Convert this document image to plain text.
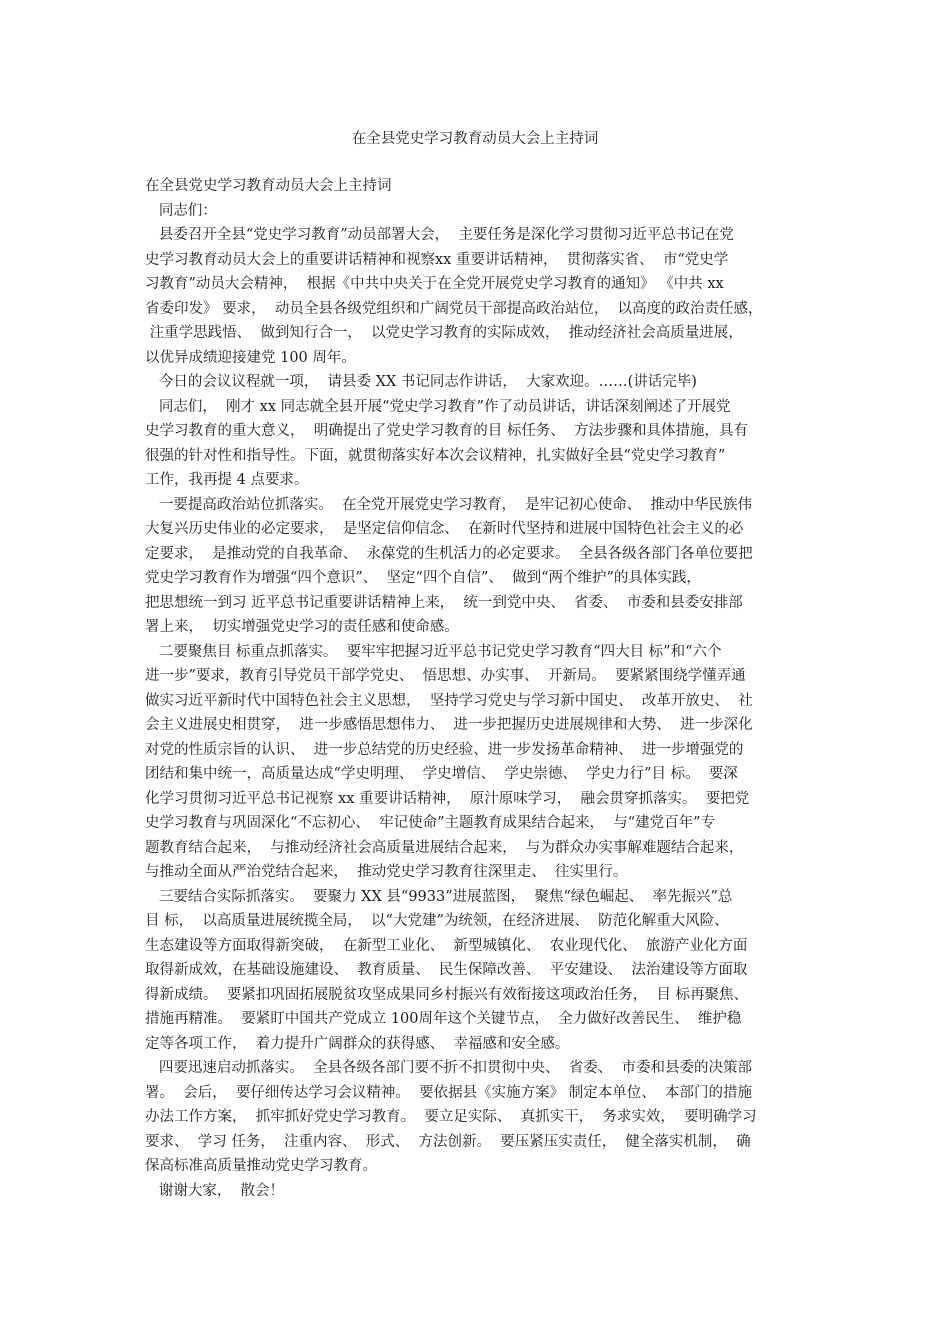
在全县党史学习教育动员大会上主持词
在全县党史学习教育动员大会上主持词
同志们：
县委召开全县“党史学习教育”动员部署大会，  主要任务是深化学习贯彻习近平总书记在党
史学习教育动员大会上的重要讲话精神和视察xx 重要讲话精神，  贯彻落实省、  市“党史学
习教育”动员大会精神，  根据《中共中央关于在全党开展党史学习教育的通知》 《中共 xx
省委印发》 要求，  动员全县各级党组织和广阔党员干部提高政治站位，  以高度的政治责任感，
注重学思践悟、  做到知行合一，  以党史学习教育的实际成效，  推动经济社会高质量进展，
以优异成绩迎接建党 100 周年。
今日的会议议程就一项，  请县委 XX 书记同志作讲话，  大家欢迎。……(讲话完毕)
同志们，  刚才 xx 同志就全县开展“党史学习教育”作了动员讲话，讲话深刻阐述了开展党
史学习教育的重大意义，  明确提出了党史学习教育的目 标任务、  方法步骤和具体措施，具有
很强的针对性和指导性。下面，就贯彻落实好本次会议精神，扎实做好全县“党史学习教育”
工作，我再提 4 点要求。
一要提高政治站位抓落实。  在全党开展党史学习教育，  是牢记初心使命、  推动中华民族伟
大复兴历史伟业的必定要求，  是坚定信仰信念、  在新时代坚持和进展中国特色社会主义的必
定要求，  是推动党的自我革命、  永葆党的生机活力的必定要求。  全县各级各部门各单位要把
党史学习教育作为增强“四个意识”、  坚定“四个自信”、  做到“两个维护”的具体实践，
把思想统一到习 近平总书记重要讲话精神上来，  统一到党中央、  省委、  市委和县委安排部
署上来，  切实增强党史学习的责任感和使命感。
二要聚焦目 标重点抓落实。  要牢牢把握习近平总书记党史学习教育“四大目 标”和“六个
进一步”要求，教育引导党员干部学党史、  悟思想、办实事、  开新局。  要紧紧围绕学懂弄通
做实习近平新时代中国特色社会主义思想，  坚持学习党史与学习新中国史、  改革开放史、  社
会主义进展史相贯穿，  进一步感悟思想伟力、  进一步把握历史进展规律和大势、  进一步深化
对党的性质宗旨的认识、  进一步总结党的历史经验、进一步发扬革命精神、  进一步增强党的
团结和集中统一，高质量达成“学史明理、  学史增信、  学史崇德、  学史力行”目 标。  要深
化学习贯彻习近平总书记视察 xx 重要讲话精神，  原汁原味学习，  融会贯穿抓落实。  要把党
史学习教育与巩固深化“不忘初心、  牢记使命”主题教育成果结合起来，  与“建党百年”专
题教育结合起来，  与推动经济社会高质量进展结合起来，  与为群众办实事解难题结合起来，
与推动全面从严治党结合起来，  推动党史学习教育往深里走、  往实里行。
三要结合实际抓落实。  要聚力 XX 县“9933”进展蓝图，  聚焦“绿色崛起、  率先振兴”总
目 标，  以高质量进展统揽全局，  以“大党建”为统领，在经济进展、  防范化解重大风险、
生态建设等方面取得新突破，  在新型工业化、  新型城镇化、  农业现代化、  旅游产业化方面
取得新成效，在基础设施建设、  教育质量、  民生保障改善、  平安建设、  法治建设等方面取
得新成绩。  要紧扣巩固拓展脱贫攻坚成果同乡村振兴有效衔接这项政治任务，  目 标再聚焦、
措施再精准。  要紧盯中国共产党成立 100周年这个关键节点，  全力做好改善民生、  维护稳
定等各项工作，  着力提升广阔群众的获得感、  幸福感和安全感。
四要迅速启动抓落实。  全县各级各部门要不折不扣贯彻中央、  省委、  市委和县委的决策部
署。  会后，  要仔细传达学习会议精神。  要依据县《实施方案》 制定本单位、  本部门的措施
办法工作方案，  抓牢抓好党史学习教育。  要立足实际、  真抓实干，  务求实效，  要明确学习
要求、  学习 任务，  注重内容、  形式、  方法创新。  要压紧压实责任，  健全落实机制，  确
保高标准高质量推动党史学习教育。
谢谢大家，  散会！
